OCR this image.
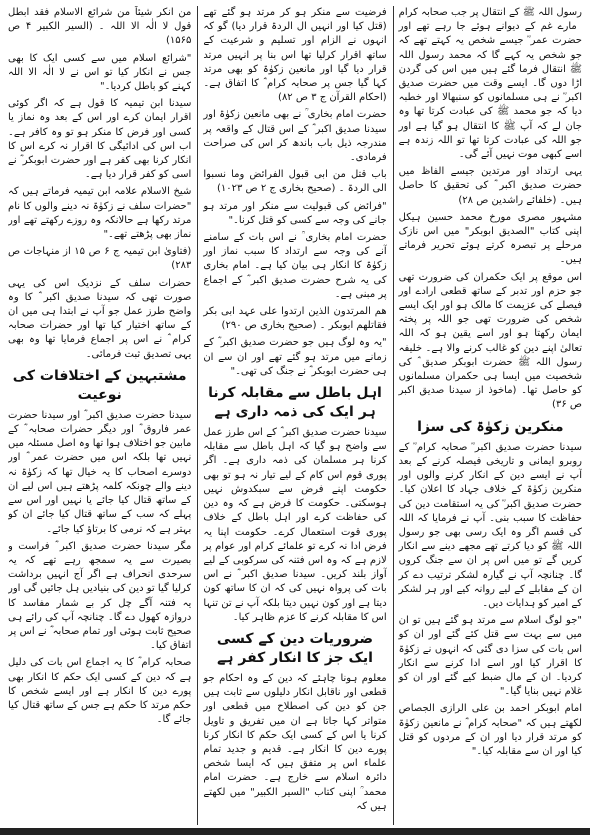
من انکر شیئاً من شرائع الاسلام فقد ابطل قول لا الٰہ الا اللہ ۔ (السیر الکبیر ۴ ص ۱۵۶۵)

"شرائع اسلام میں سے کسی ایک کا بھی جس نے انکار کیا تو اس نے لا الٰہ الا اللہ کہنے کو باطل کردیا۔"

سیدنا ابن تیمیہ کا قول ہے کہ اگر کوئی اقرار ایمان کرے اور اس کے بعد وہ نماز یا کسی اور فرض کا منکر ہو تو وہ کافر ہے۔ اب اس کی ادائیگی کا اقرار نہ کرے اس کا انکار کرنا بھی کفر ہے اور حضرت ابوبکر ؓ نے اسی کو کفر قرار دیا ہے۔

شیخ الاسلام علامہ ابن تیمیہ فرماتے ہیں کہ "حضرات سلف نے زکوٰۃ نہ دینے والوں کا نام مرتد رکھا ہے حالانکہ وہ روزے رکھتے تھے اور نماز بھی پڑھتے تھے۔"

(فتاویٰ ابن تیمیہ ج ۶ ص ۱۵ از منہاجات ص ۲۸۳)

حضرات سلف کے نزدیک اس کی یہی صورت تھی کہ سیدنا صدیق اکبر ؓ کا وہ واضح طرز عمل جو آپ نے ابتدا ہی میں ان کے ساتھ اختیار کیا تھا اور حضرات صحابہ کرام ؓ نے اس پر اجماع فرمایا تھا وہ بھی یہی تصدیق ثبت فرمائی۔

مشتبہین کے اختلافات کی نوعیت

سیدنا حضرت صدیق اکبر ؓ اور سیدنا حضرت عمر فاروق ؓ اور دیگر حضرات صحابہ ؓ کے مابین جو اختلاف ہوا تھا وہ اصل مسئلہ میں نہیں تھا بلکہ اس میں حضرت عمر ؓ اور دوسرے اصحاب کا یہ خیال تھا کہ زکوٰۃ نہ دینے والے چونکہ کلمہ پڑھتے ہیں اس لیے ان کے ساتھ قتال کیا جائے یا نہیں اور اس سے پہلے کہ سب کے ساتھ قتال کیا جائے ان کو بہتر ہے کہ نرمی کا برتاؤ کیا جائے۔

مگر سیدنا حضرت صدیق اکبر ؓ فراست و بصیرت سے یہ سمجھ رہے تھے کہ یہ سرحدی انحراف ہے اگر آج انہیں برداشت کرلیا گیا تو دین کی بنیادیں ہل جائیں گی اور یہ فتنہ آگے چل کر بے شمار مفاسد کا دروازہ کھول دے گا۔ چنانچہ آپ کی رائے ہی صحیح ثابت ہوئی اور تمام صحابہ ؓ نے اس پر اتفاق کیا۔

صحابہ کرام ؓ کا یہ اجماع اس بات کی دلیل ہے کہ دین کے کسی ایک حکم کا انکار بھی پورے دین کا انکار ہے اور ایسے شخص کا حکم مرتد کا حکم ہے جس کے ساتھ قتال کیا جائے گا۔

فرضیت سے منکر ہو کر مرتد ہو گئے تھے (قتل کیا اور انہیں ال الردۃ قرار دیا) گو کہ انہوں نے الزام اور تسلیم و شرعیت کے ساتھ اقرار کرلیا تھا اس بنا پر انہیں مرتد قرار دیا گیا اور مانعین زکوٰۃ کو بھی مرتد کہا گیا جس پر صحابہ کرام ؓ کا اتفاق ہے۔ (احکام القرآن ج ۳ ص ۸۲)

حضرت امام بخاری ؒ نے بھی مانعین زکوٰۃ اور سیدنا صدیق اکبر ؓ کے اس قتال کے واقعہ پر مندرجہ ذیل باب باندھ کر اس کی صراحت فرمادی۔

باب قتل من ابی قبول الفرائض وما نسبوا الی الردۃ ۔ (صحیح بخاری ج ۲ ص ۱۰۲۳)

"فرائض کی قبولیت سے منکر اور مرتد ہو جانے کی وجہ سے کسی کو قتل کرنا۔"

حضرت امام بخاری ؒ نے اس بات کے سامنے آنے کی وجہ سے ارتداد کا سبب نماز اور زکوٰۃ کا انکار ہی بیان کیا ہے۔ امام بخاری کی یہ شرح حضرت صدیق اکبر ؓ کے اجماع پر مبنی ہے۔

ھم المرتدون الذین ارتدوا علی عہد ابی بکر فقاتلھم ابوبکر ۔ (صحیح بخاری ص ۲۹۰)

"یہ وہ لوگ ہیں جو حضرت صدیق اکبر ؓ کے زمانے میں مرتد ہو گئے تھے اور ان سے ان ہی حضرت ابوبکر ؓ نے جنگ کی تھی۔"

اہل باطل سے مقابلہ کرنا ہر ایک کی ذمہ داری ہے

سیدنا حضرت صدیق اکبر ؓ کے اس طرز عمل سے واضح ہو گیا کہ اہل باطل سے مقابلہ کرنا ہر مسلمان کی ذمہ داری ہے۔ اگر پوری قوم اس کام کے لیے تیار نہ ہو تو بھی حکومت اپنے فرض سے سبکدوش نہیں ہوسکتی۔ حکومت کا فرض ہے کہ وہ دین کی حفاظت کرے اور اہل باطل کے خلاف پوری قوت استعمال کرے۔ حکومت اپنا یہ فرض ادا نہ کرے تو علمائے کرام اور عوام پر لازم ہے کہ وہ اس فتنہ کی سرکوبی کے لیے آواز بلند کریں۔ سیدنا صدیق اکبر ؓ نے اس بات کی پرواہ نہیں کی کہ ان کا ساتھ کون دیتا ہے اور کون نہیں دیتا بلکہ آپ نے تن تنہا اس کا مقابلہ کرنے کا عزم ظاہر کیا۔

ضروریات دین کے کسی ایک جز کا انکار کفر ہے

معلوم ہونا چاہئے کہ دین کے وہ احکام جو قطعی اور ناقابل انکار دلیلوں سے ثابت ہیں جن کو دین کی اصطلاح میں قطعی اور متواتر کہا جاتا ہے ان میں تفریق و تاویل کرنا یا اس کے کسی ایک حکم کا انکار کرنا پورے دین کا انکار ہے۔ قدیم و جدید تمام علماء اس پر متفق ہیں کہ ایسا شخص دائرہ اسلام سے خارج ہے۔ حضرت امام محمد ؒ اپنی کتاب "السیر الکبیر" میں لکھتے ہیں کہ

رسول اللہ ﷺ کے انتقال پر جب صحابہ کرام ؓ مارے غم کے دیوانے ہوئے جا رہے تھے اور حضرت عمر ؓ جیسے شخص یہ کہتے تھے کہ جو شخص یہ کہے گا کہ محمد رسول اللہ ﷺ انتقال فرما گئے ہیں میں اس کی گردن اڑا دوں گا۔ ایسے وقت میں حضرت صدیق اکبر ؓ نے ہی مسلمانوں کو سنبھالا اور خطبہ دیا کہ جو محمد ﷺ کی عبادت کرتا تھا وہ جان لے کہ آپ ﷺ کا انتقال ہو گیا ہے اور جو اللہ کی عبادت کرتا تھا تو اللہ زندہ ہے اسے کبھی موت نہیں آئے گی۔

یہی ارتداد اور مرتدین جیسے الفاظ میں حضرت صدیق اکبر ؓ کی تحقیق کا حاصل ہیں۔ (خلفائے راشدین ص ۲۸)

مشہور مصری مورخ محمد حسین ہیکل اپنی کتاب "الصدیق ابوبکر" میں اس نازک مرحلے پر تبصرہ کرتے ہوئے تحریر فرماتے ہیں۔

اس موقع پر ایک حکمران کی ضرورت تھی جو حزم اور تدبر کے ساتھ قطعی ارادے اور فیصلے کی عزیمت کا مالک ہو اور ایک ایسے شخص کی ضرورت تھی جو اللہ پر پختہ ایمان رکھتا ہو اور اسے یقین ہو کہ اللہ تعالیٰ اپنے دین کو غالب کرنے والا ہے۔ خلیفہ رسول اللہ ﷺ حضرت ابوبکر صدیق ؓ کی شخصیت میں ایسا ہی حکمران مسلمانوں کو حاصل تھا۔ (ماخوذ از سیدنا صدیق اکبر ص ۳۶)

منکرین زکوٰۃ کی سزا

سیدنا حضرت صدیق اکبر ؓ صحابہ کرام ؓ کے روبرو ایمانی و تاریخی فیصلہ کرنے کے بعد آپ نے ایسے دین کے انکار کرنے والوں اور منکرین زکوٰۃ کے خلاف جہاد کا اعلان کیا۔ حضرت صدیق اکبر ؓ کی یہ استقامت دین کی حفاظت کا سبب بنی۔ آپ نے فرمایا کہ اللہ کی قسم اگر وہ ایک رسی بھی جو رسول اللہ ﷺ کو دیا کرتے تھے مجھے دینے سے انکار کریں گے تو میں اس پر ان سے جنگ کروں گا۔ چنانچہ آپ نے گیارہ لشکر ترتیب دے کر ان کے مقابلے کے لیے روانہ کیے اور ہر لشکر کے امیر کو ہدایات دیں۔

"جو لوگ اسلام سے مرتد ہو گئے ہیں تو ان میں سے بہت سے قتل کئے گئے اور ان کو اس بات کی سزا دی گئی کہ انہوں نے زکوٰۃ کا اقرار کیا اور اسے ادا کرنے سے انکار کردیا۔ ان کے مال ضبط کیے گئے اور ان کو غلام نہیں بنایا گیا۔"

امام ابوبکر احمد بن علی الرازی الجصاص لکھتے ہیں کہ "صحابہ کرام ؓ نے مانعین زکوٰۃ کو مرتد قرار دیا اور ان کے مردوں کو قتل کیا اور ان سے مقابلہ کیا۔"
